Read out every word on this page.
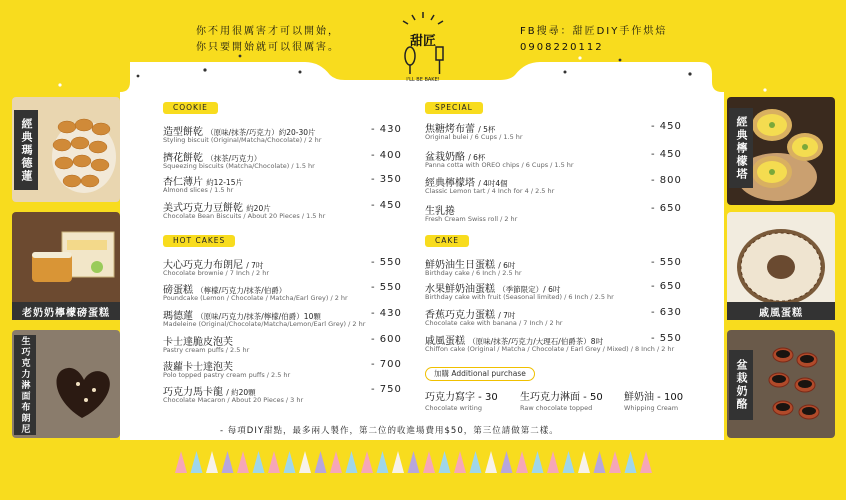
你不用很厲害才可以開始，
你只要開始就可以很厲害。
FB搜尋：甜匠DIY手作烘焙
0908220112
甜匠
I'LL BE BAKE!
COOKIE
造型餅乾 （原味/抹茶/巧克力）約20-30片
Styling biscuit (Original/Matcha/Chocolate) / 2 hr
- 430
擠花餅乾 （抹茶/巧克力）
Squeezing biscuits (Matcha/Chocolate) / 1.5 hr
- 400
杏仁薄片 約12-15片
Almond slices / 1.5 hr
- 350
美式巧克力豆餅乾 約20片
Chocolate Bean Biscuits / About 20 Pieces / 1.5 hr
- 450
HOT CAKES
大心巧克力布朗尼 / 7吋
Chocolate brownie / 7 Inch / 2 hr
- 550
磅蛋糕 （檸檬/巧克力/抹茶/伯爵）
Poundcake (Lemon / Chocolate / Matcha/Earl Grey) / 2 hr
- 550
瑪德蓮 （原味/巧克力/抹茶/檸檬/伯爵）10顆
Madeleine (Original/Chocolate/Matcha/Lemon/Earl Grey) / 2 hr
- 430
卡士達脆皮泡芙
Pastry cream puffs / 2.5 hr
- 600
菠蘿卡士達泡芙
Polo topped pastry cream puffs / 2.5 hr
- 700
巧克力馬卡龍 / 約20顆
Chocolate Macaron / About 20 Pieces / 3 hr
- 750
SPECIAL
焦糖烤布蕾 / 5杯
Original bulei / 6 Cups / 1.5 hr
- 450
盆栽奶酪 / 6杯
Panna cotta with OREO chips / 6 Cups / 1.5 hr
- 450
經典檸檬塔 / 4吋4個
Classic Lemon tart / 4 Inch for 4 / 2.5 hr
- 800
生乳捲
Fresh Cream Swiss roll / 2 hr
- 650
CAKE
鮮奶油生日蛋糕 / 6吋
Birthday cake / 6 Inch / 2.5 hr
- 550
水果鮮奶油蛋糕 （季節限定）/ 6吋
Birthday cake with fruit (Seasonal limited) / 6 Inch / 2.5 hr
- 650
香蕉巧克力蛋糕 / 7吋
Chocolate cake with banana / 7 Inch / 2 hr
- 630
戚風蛋糕 （原味/抹茶/巧克力/大理石/伯爵茶）8吋
Chiffon cake (Original / Matcha / Chocolate / Earl Grey / Mixed) / 8 Inch / 2 hr
- 550
加購 Additional purchase
巧克力寫字 - 30
Chocolate writing
生巧克力淋面 - 50
Raw chocolate topped
鮮奶油 - 100
Whipping Cream
- 每項DIY甜點，最多兩人製作，第二位的收進場費用$50，第三位請做第二樣。
經典瑪德蓮
老奶奶檸檬磅蛋糕
生巧克力淋面布朗尼
經典檸檬塔
戚風蛋糕
盆栽奶酪
